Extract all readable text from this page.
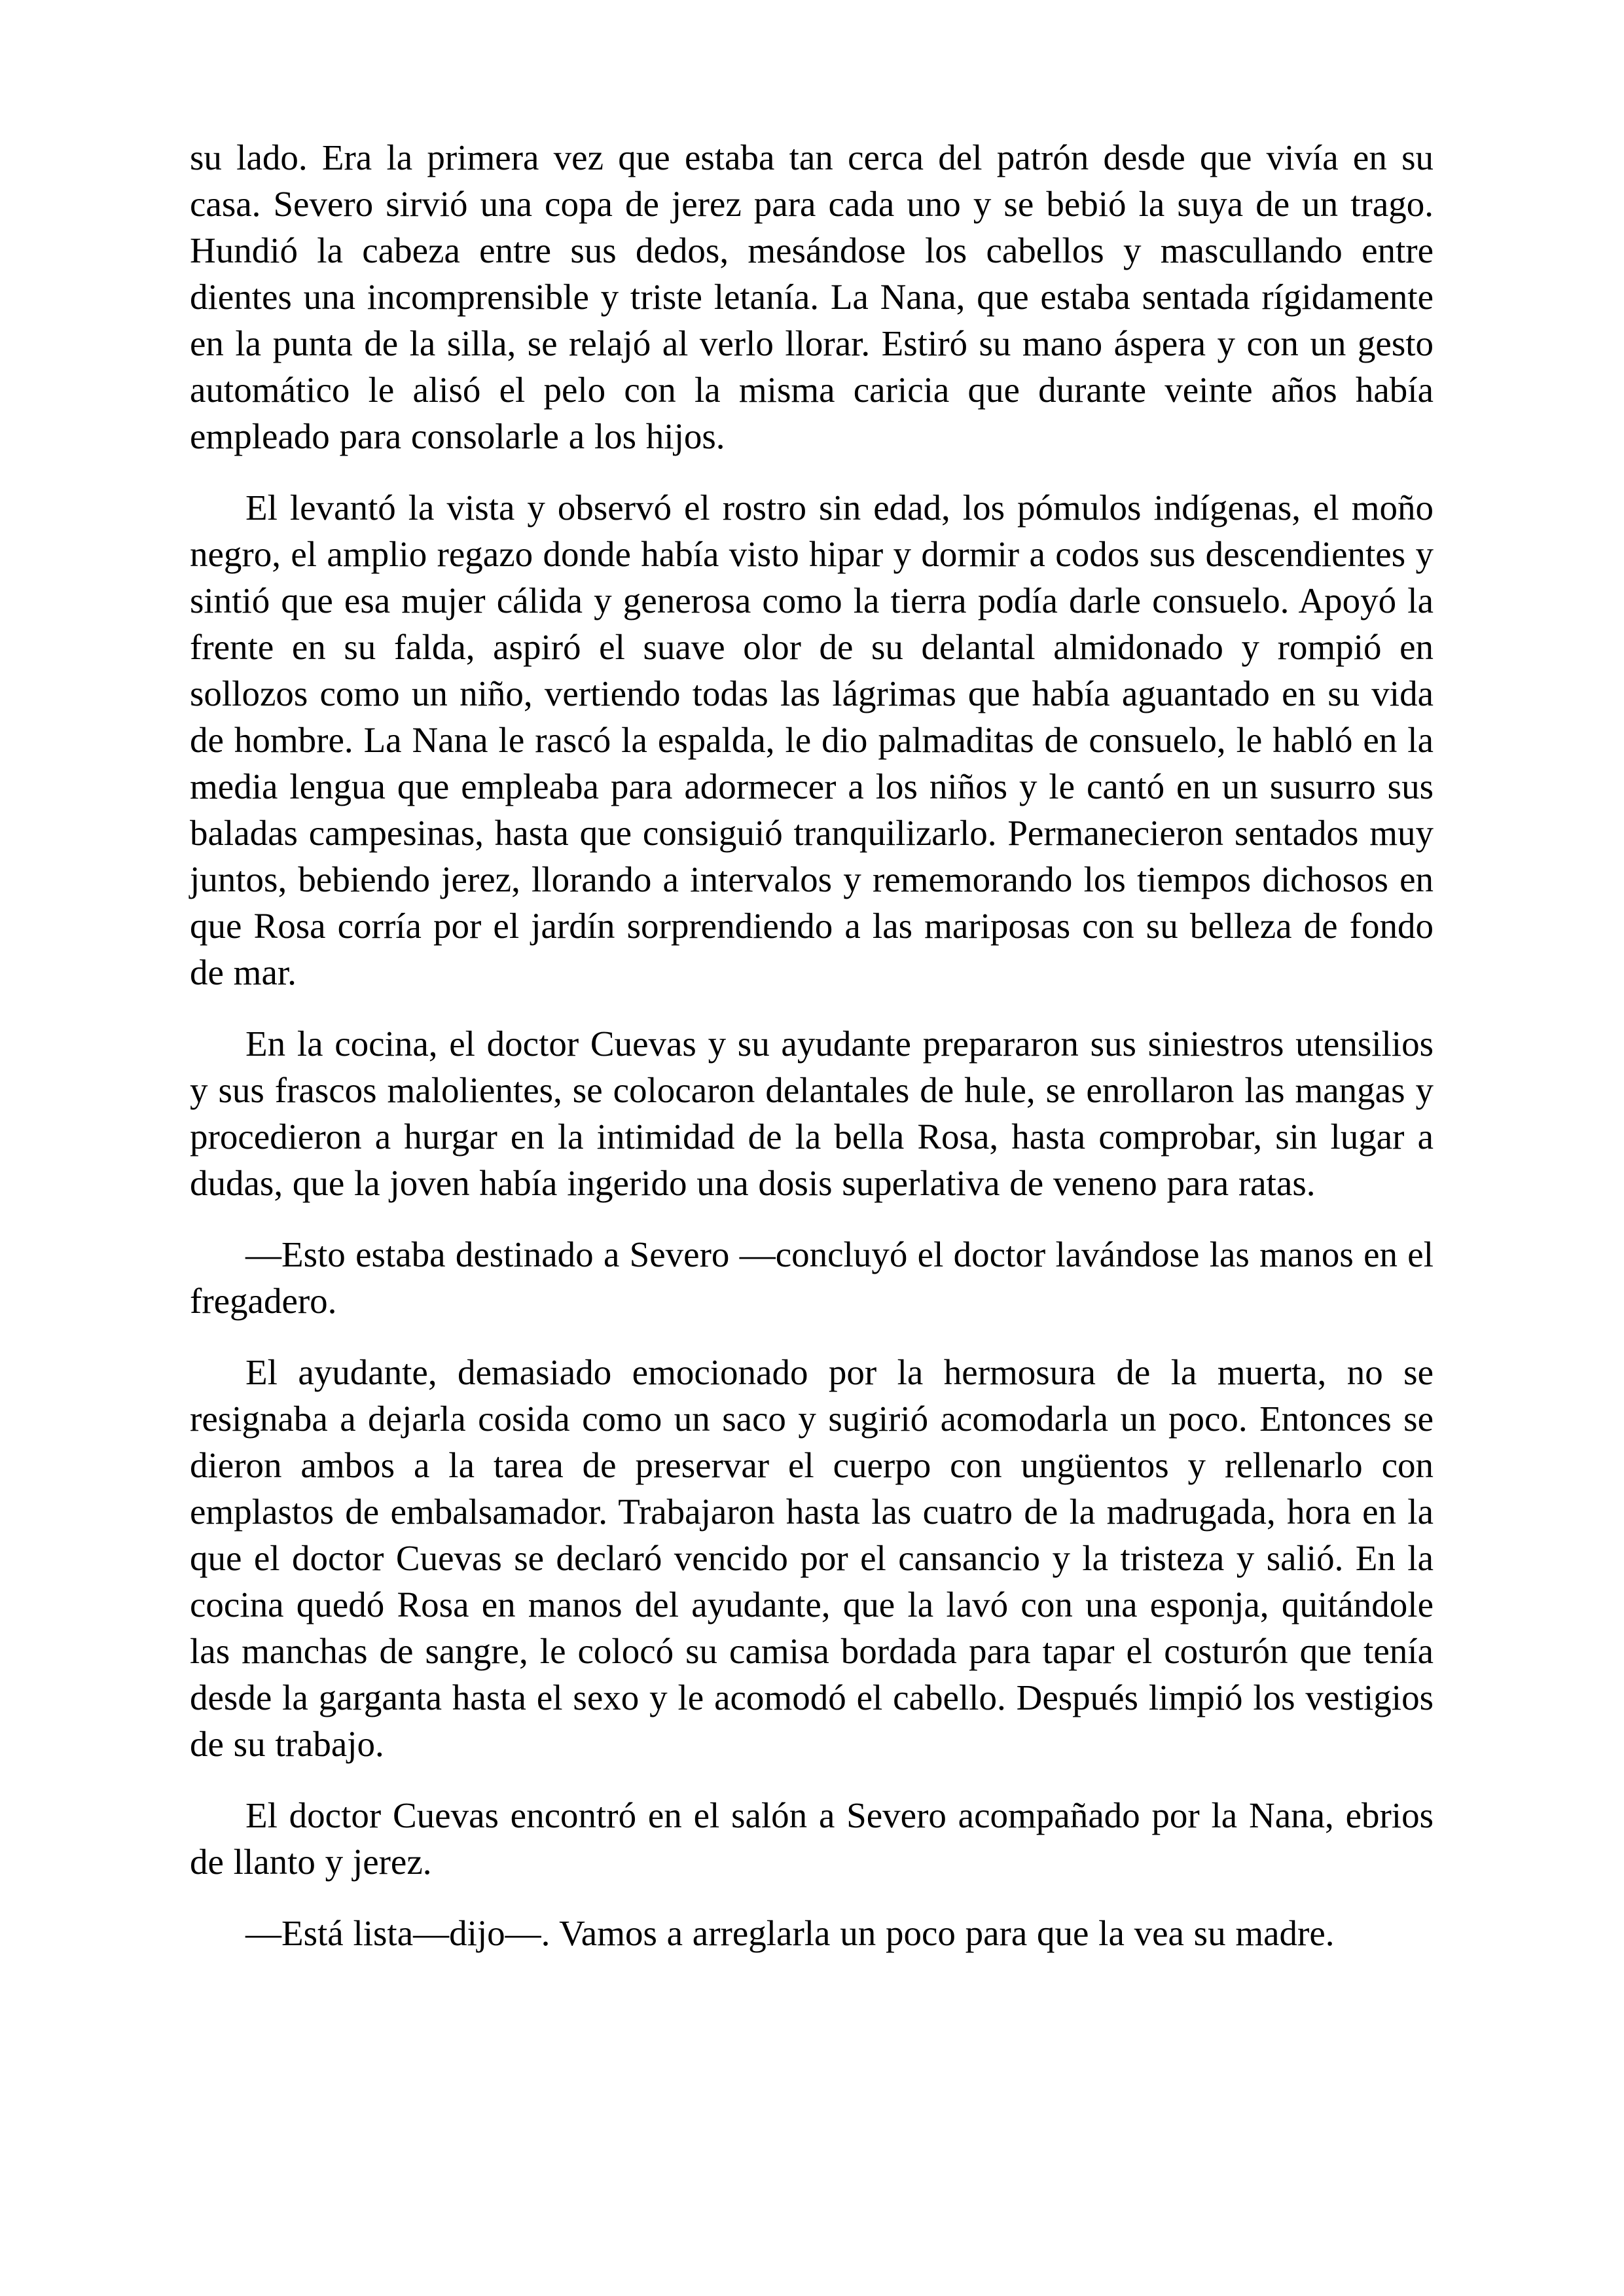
su lado. Era la primera vez que estaba tan cerca del patrón desde que vivía en su casa. Severo sirvió una copa de jerez para cada uno y se bebió la suya de un trago. Hundió la cabeza entre sus dedos, mesándose los cabellos y mascullando entre dientes una incomprensible y triste letanía. La Nana, que estaba sentada rígidamente en la punta de la silla, se relajó al verlo llorar. Estiró su mano áspera y con un gesto automático le alisó el pelo con la misma caricia que durante veinte años había empleado para consolarle a los hijos.

El levantó la vista y observó el rostro sin edad, los pómulos indígenas, el moño negro, el amplio regazo donde había visto hipar y dormir a codos sus descendientes y sintió que esa mujer cálida y generosa como la tierra podía darle consuelo. Apoyó la frente en su falda, aspiró el suave olor de su delantal almidonado y rompió en sollozos como un niño, vertiendo todas las lágrimas que había aguantado en su vida de hombre. La Nana le rascó la espalda, le dio palmaditas de consuelo, le habló en la media lengua que empleaba para adormecer a los niños y le cantó en un susurro sus baladas campesinas, hasta que consiguió tranquilizarlo. Permanecieron sentados muy juntos, bebiendo jerez, llorando a intervalos y rememorando los tiempos dichosos en que Rosa corría por el jardín sorprendiendo a las mariposas con su belleza de fondo de mar.

En la cocina, el doctor Cuevas y su ayudante prepararon sus siniestros utensilios y sus frascos malolientes, se colocaron delantales de hule, se enrollaron las mangas y procedieron a hurgar en la intimidad de la bella Rosa, hasta comprobar, sin lugar a dudas, que la joven había ingerido una dosis superlativa de veneno para ratas.

—Esto estaba destinado a Severo —concluyó el doctor lavándose las manos en el fregadero.

El ayudante, demasiado emocionado por la hermosura de la muerta, no se resignaba a dejarla cosida como un saco y sugirió acomodarla un poco. Entonces se dieron ambos a la tarea de preservar el cuerpo con ungüentos y rellenarlo con emplastos de embalsamador. Trabajaron hasta las cuatro de la madrugada, hora en la que el doctor Cuevas se declaró vencido por el cansancio y la tristeza y salió. En la cocina quedó Rosa en manos del ayudante, que la lavó con una esponja, quitándole las manchas de sangre, le colocó su camisa bordada para tapar el costurón que tenía desde la garganta hasta el sexo y le acomodó el cabello. Después limpió los vestigios de su trabajo.

El doctor Cuevas encontró en el salón a Severo acompañado por la Nana, ebrios de llanto y jerez.

—Está lista—dijo—. Vamos a arreglarla un poco para que la vea su madre.
